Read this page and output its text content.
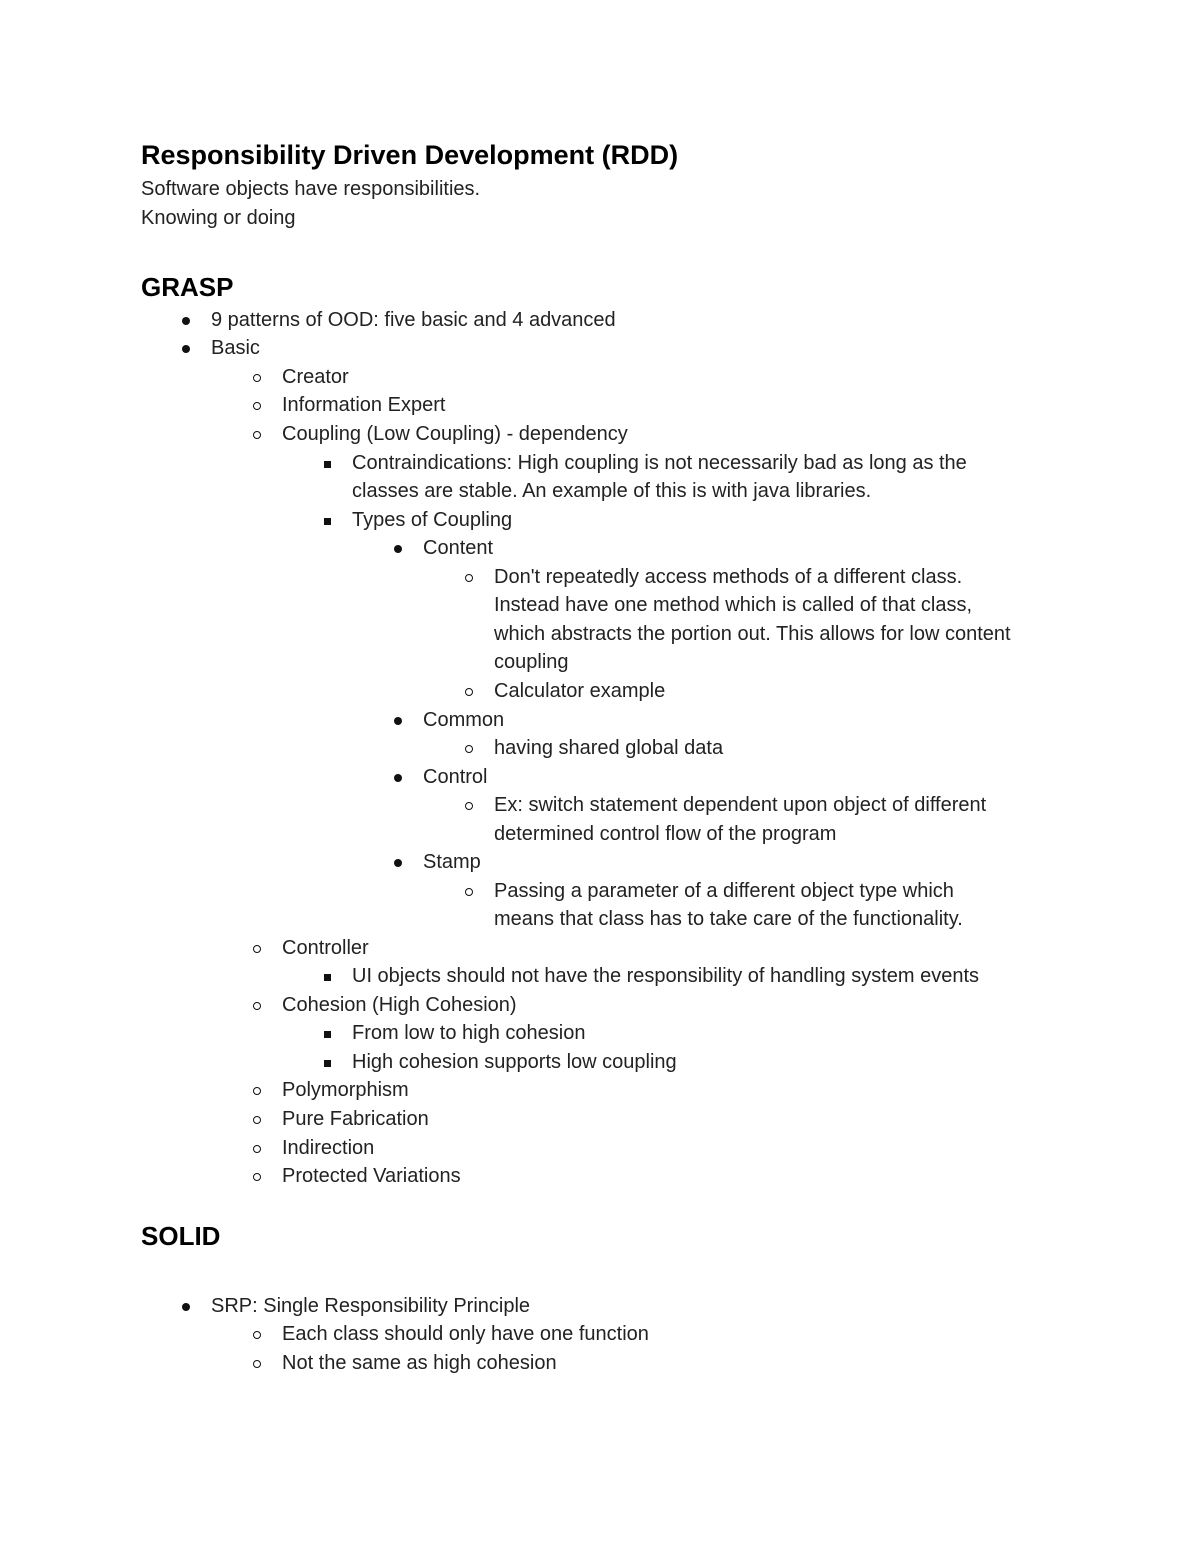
Responsibility Driven Development (RDD)
Software objects have responsibilities.
Knowing or doing
GRASP
9 patterns of OOD: five basic and 4 advanced
Basic
Creator
Information Expert
Coupling (Low Coupling) - dependency
Contraindications: High coupling is not necessarily bad as long as the
classes are stable. An example of this is with java libraries.
Types of Coupling
Content
Don't repeatedly access methods of a different class.
Instead have one method which is called of that class,
which abstracts the portion out. This allows for low content
coupling
Calculator example
Common
having shared global data
Control
Ex: switch statement dependent upon object of different
determined control flow of the program
Stamp
Passing a parameter of a different object type which
means that class has to take care of the functionality.
Controller
UI objects should not have the responsibility of handling system events
Cohesion (High Cohesion)
From low to high cohesion
High cohesion supports low coupling
Polymorphism
Pure Fabrication
Indirection
Protected Variations
SOLID
SRP: Single Responsibility Principle
Each class should only have one function
Not the same as high cohesion
